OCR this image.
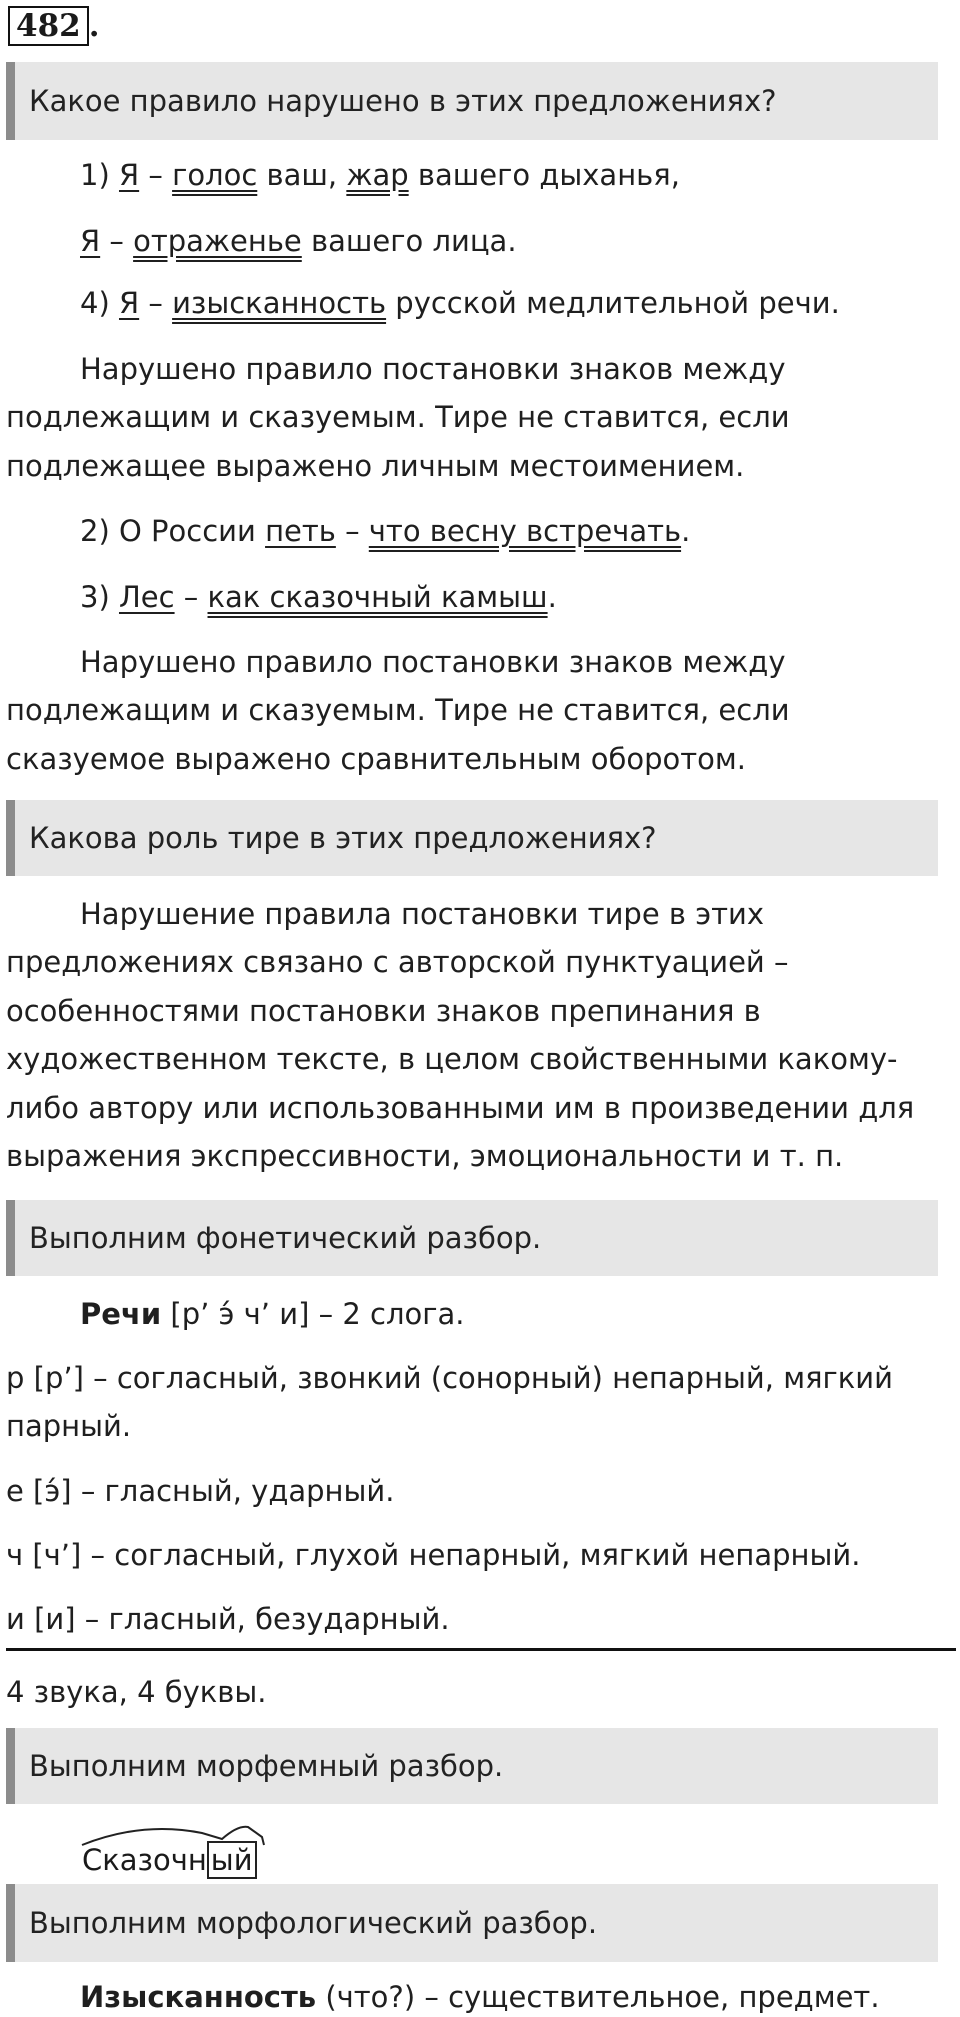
482 .
Какое правило нарушено в этих предложениях?
1) Я – голос ваш, жар вашего дыханья,
Я – отраженье вашего лица.
4) Я – изысканность русской медлительной речи.
Нарушено правило постановки знаков между
подлежащим и сказуемым. Тире не ставится, если
подлежащее выражено личным местоимением.
2) О России петь – что весну встречать.
3) Лес – как сказочный камыш.
Нарушено правило постановки знаков между
подлежащим и сказуемым. Тире не ставится, если
сказуемое выражено сравнительным оборотом.
Какова роль тире в этих предложениях?
Нарушение правила постановки тире в этих
предложениях связано с авторской пунктуацией –
особенностями постановки знаков препинания в
художественном тексте, в целом свойственными какому-
либо автору или использованными им в произведении для
выражения экспрессивности, эмоциональности и т. п.
Выполним фонетический разбор.
Речи [р’ э́ ч’ и] – 2 слога.
р [р’] – согласный, звонкий (сонорный) непарный, мягкий
парный.
е [э́] – гласный, ударный.
ч [ч’] – согласный, глухой непарный, мягкий непарный.
и [и] – гласный, безударный.
4 звука, 4 буквы.
Выполним морфемный разбор.
Сказочн ый
Выполним морфологический разбор.
Изысканность (что?) – существительное, предмет.
